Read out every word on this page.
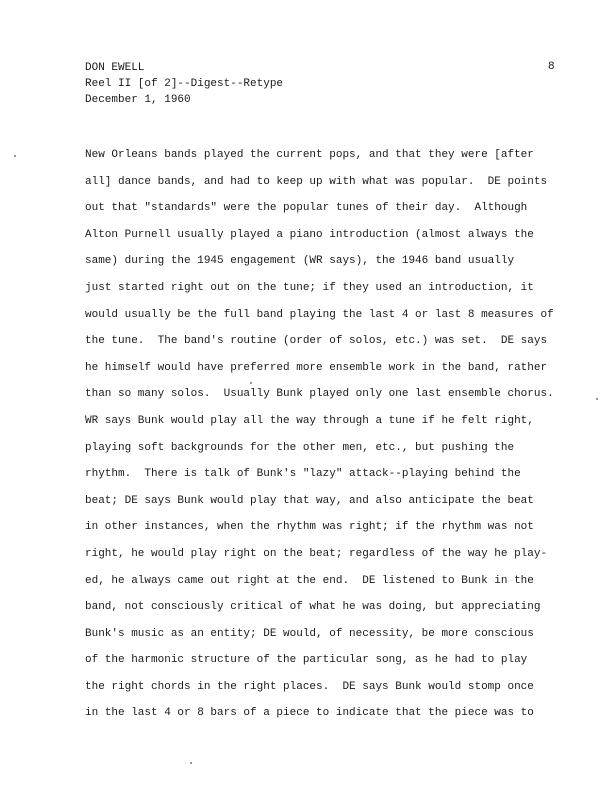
DON EWELL
Reel II [of 2]--Digest--Retype
December 1, 1960
8
New Orleans bands played the current pops, and that they were [after
all] dance bands, and had to keep up with what was popular.  DE points
out that "standards" were the popular tunes of their day.  Although
Alton Purnell usually played a piano introduction (almost always the
same) during the 1945 engagement (WR says), the 1946 band usually
just started right out on the tune; if they used an introduction, it
would usually be the full band playing the last 4 or last 8 measures of
the tune.  The band's routine (order of solos, etc.) was set.  DE says
he himself would have preferred more ensemble work in the band, rather
than so many solos.  Usually Bunk played only one last ensemble chorus.
WR says Bunk would play all the way through a tune if he felt right,
playing soft backgrounds for the other men, etc., but pushing the
rhythm.  There is talk of Bunk's "lazy" attack--playing behind the
beat; DE says Bunk would play that way, and also anticipate the beat
in other instances, when the rhythm was right; if the rhythm was not
right, he would play right on the beat; regardless of the way he play-
ed, he always came out right at the end.  DE listened to Bunk in the
band, not consciously critical of what he was doing, but appreciating
Bunk's music as an entity; DE would, of necessity, be more conscious
of the harmonic structure of the particular song, as he had to play
the right chords in the right places.  DE says Bunk would stomp once
in the last 4 or 8 bars of a piece to indicate that the piece was to
